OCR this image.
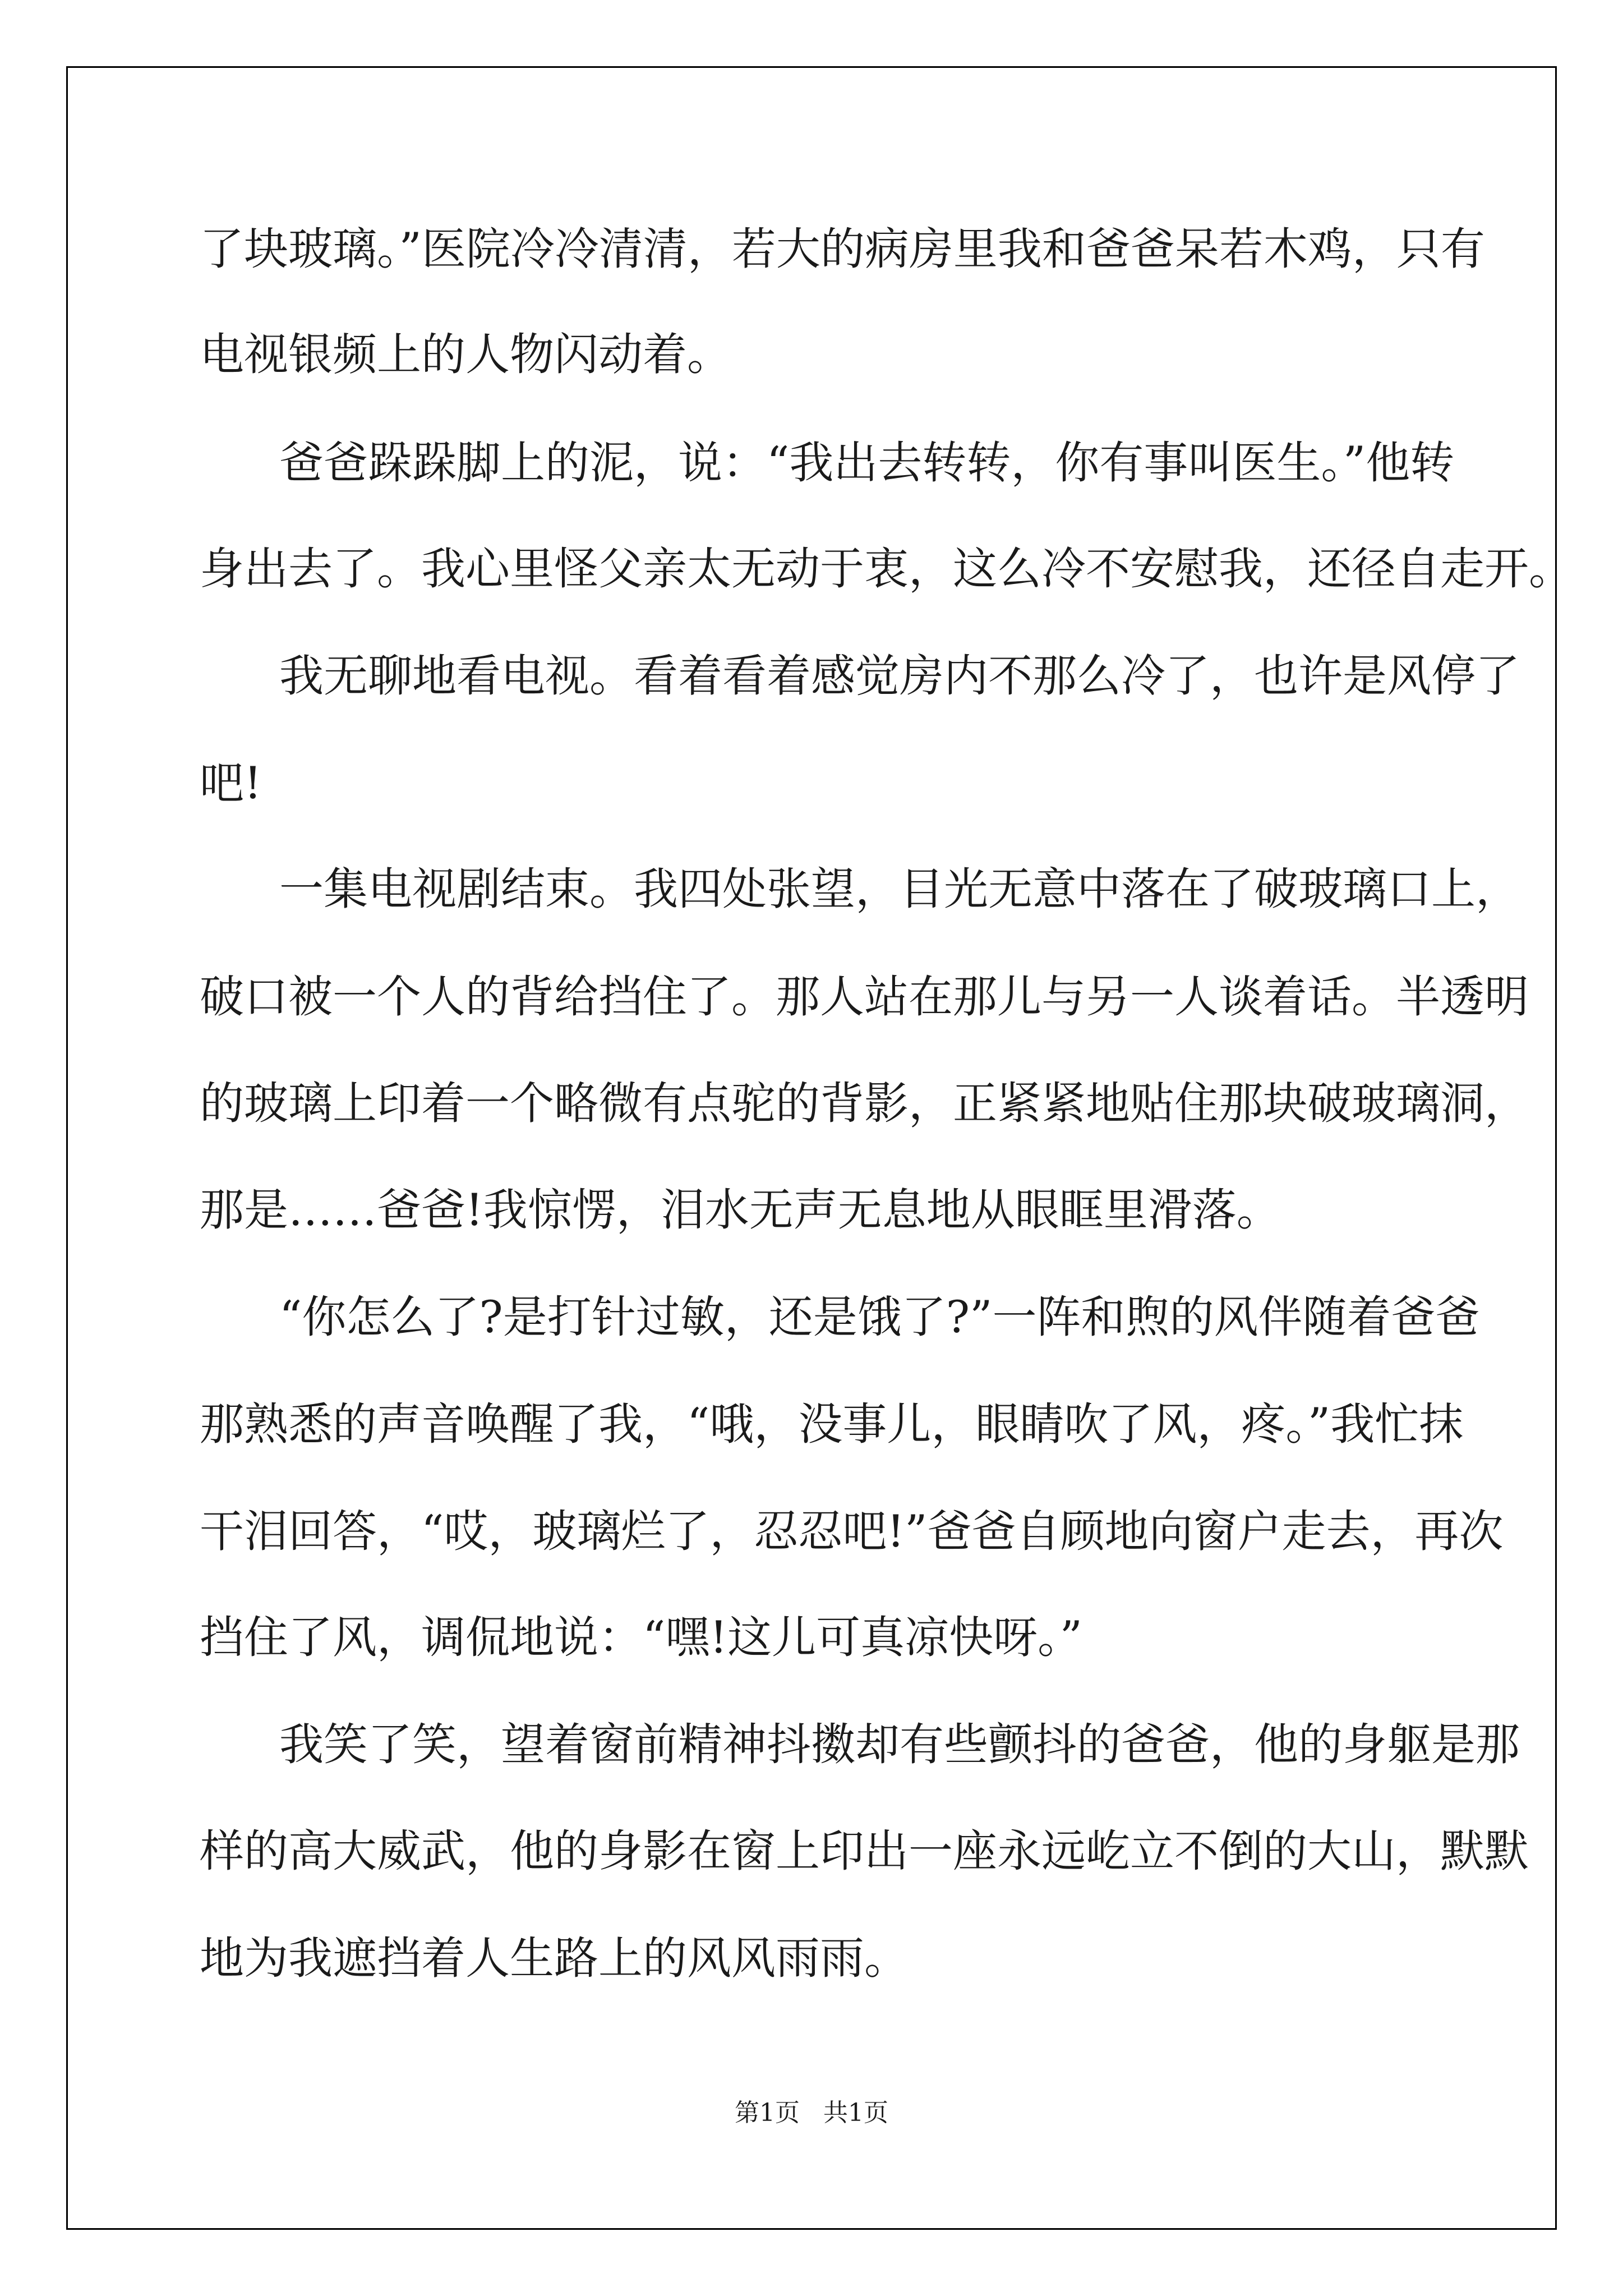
了块玻璃。”医院冷冷清清，若大的病房里我和爸爸呆若木鸡，只有
电视银频上的人物闪动着。
爸爸跺跺脚上的泥，说：“我出去转转，你有事叫医生。”他转
身出去了。我心里怪父亲太无动于衷，这么冷不安慰我，还径自走开。
我无聊地看电视。看着看着感觉房内不那么冷了，也许是风停了
吧!
一集电视剧结束。我四处张望，目光无意中落在了破玻璃口上，
破口被一个人的背给挡住了。那人站在那儿与另一人谈着话。半透明
的玻璃上印着一个略微有点驼的背影，正紧紧地贴住那块破玻璃洞，
那是……爸爸!我惊愣，泪水无声无息地从眼眶里滑落。
“你怎么了?是打针过敏，还是饿了?”一阵和煦的风伴随着爸爸
那熟悉的声音唤醒了我，“哦，没事儿，眼睛吹了风，疼。”我忙抹
干泪回答，“哎，玻璃烂了，忍忍吧!”爸爸自顾地向窗户走去，再次
挡住了风，调侃地说：“嘿!这儿可真凉快呀。”
我笑了笑，望着窗前精神抖擞却有些颤抖的爸爸，他的身躯是那
样的高大威武，他的身影在窗上印出一座永远屹立不倒的大山，默默
地为我遮挡着人生路上的风风雨雨。
第1页   共1页
